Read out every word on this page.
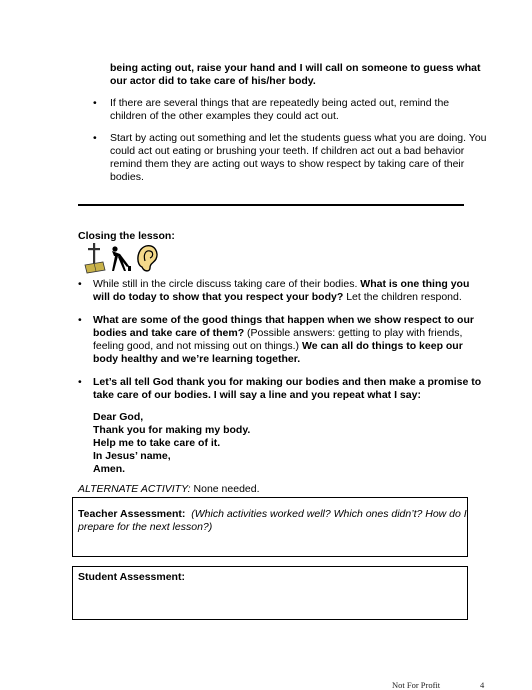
being acting out, raise your hand and I will call on someone to guess what
our actor did to take care of his/her body.
• If there are several things that are repeatedly being acted out, remind the
children of the other examples they could act out.
• Start by acting out something and let the students guess what you are doing. You
could act out eating or brushing your teeth. If children act out a bad behavior
remind them they are acting out ways to show respect by taking care of their
bodies.
Closing the lesson:
• While still in the circle discuss taking care of their bodies. What is one thing you
will do today to show that you respect your body? Let the children respond.
• What are some of the good things that happen when we show respect to our
bodies and take care of them? (Possible answers: getting to play with friends,
feeling good, and not missing out on things.) We can all do things to keep our
body healthy and we’re learning together.
• Let’s all tell God thank you for making our bodies and then make a promise to
take care of our bodies. I will say a line and you repeat what I say:
Dear God,
Thank you for making my body.
Help me to take care of it.
In Jesus’ name,
Amen.
ALTERNATE ACTIVITY: None needed.
Teacher Assessment: (Which activities worked well? Which ones didn’t? How do I
prepare for the next lesson?)
Student Assessment:
Not For Profit	4
